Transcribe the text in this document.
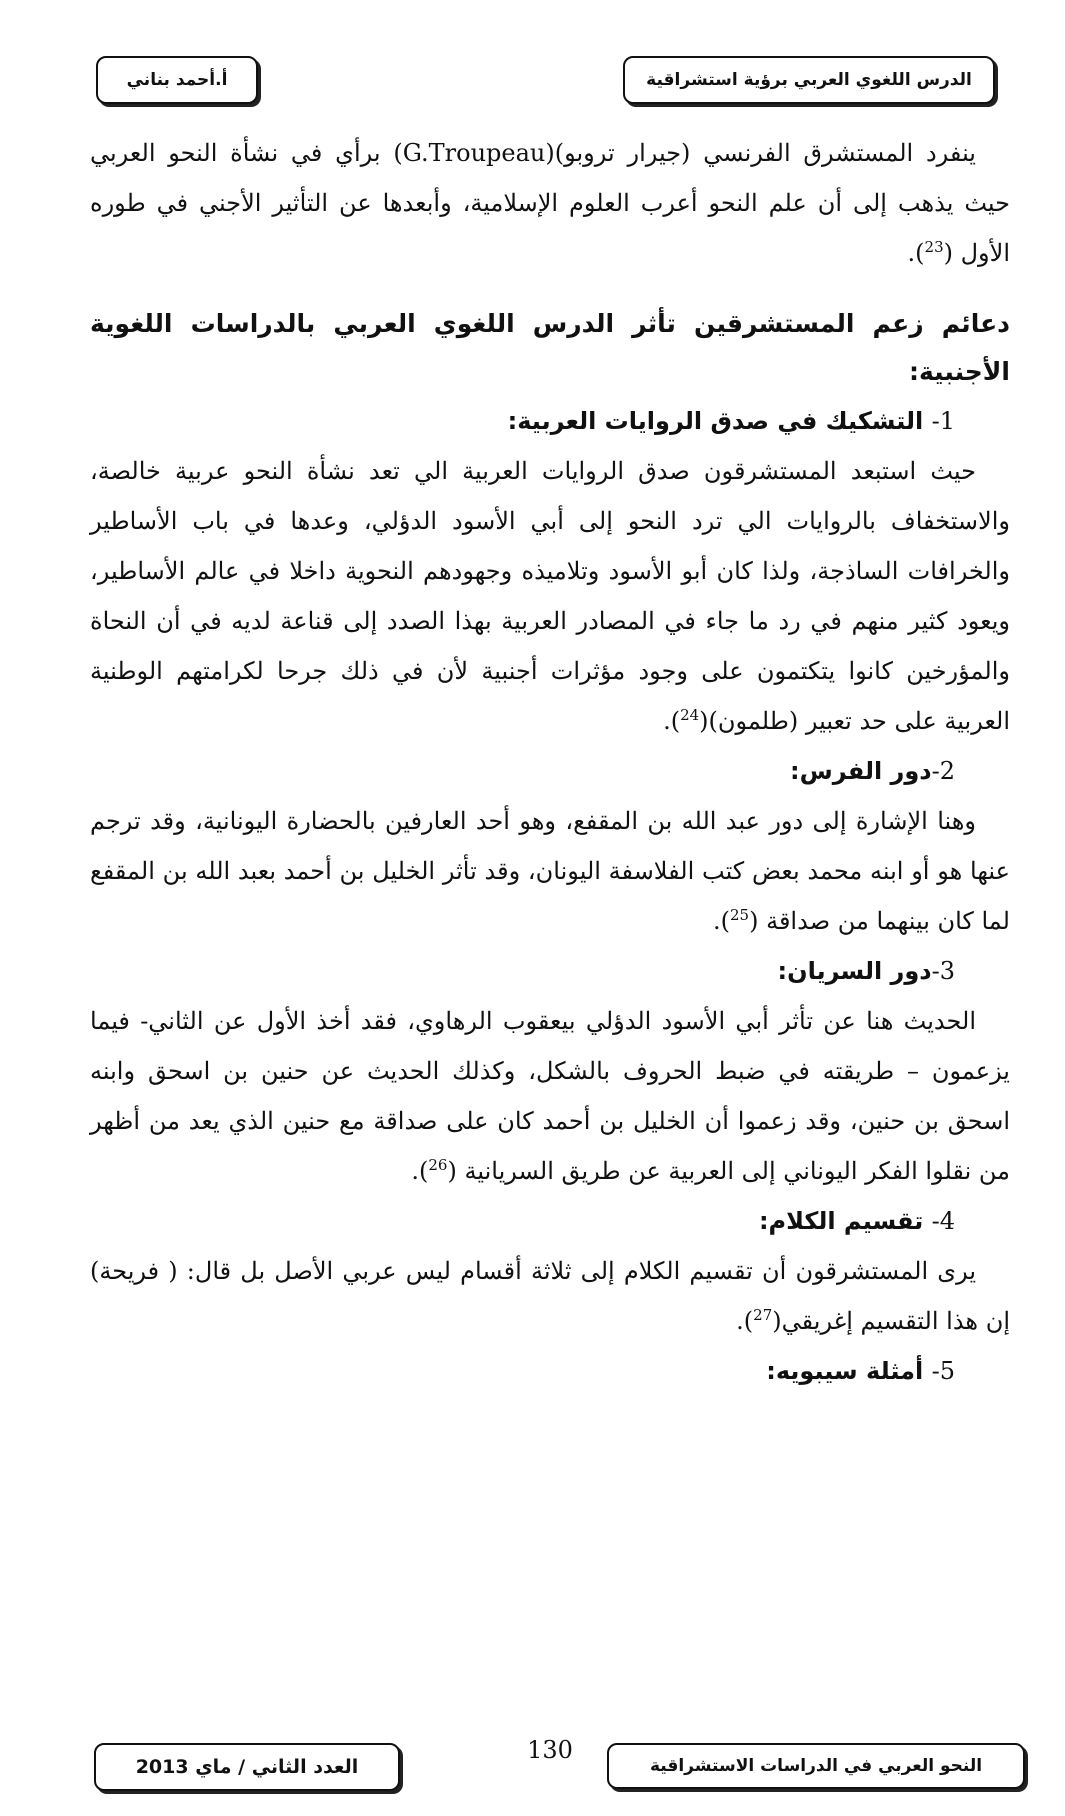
الدرس اللغوي العربي برؤية استشراقية
أ.أحمد بناني

ينفرد المستشرق الفرنسي (جيرار تروبو)(G.Troupeau) برأي في نشأة النحو العربي حيث يذهب إلى أن علم النحو أعرب العلوم الإسلامية، وأبعدها عن التأثير الأجني في طوره الأول ($^{23}$).

دعائم زعم المستشرقين تأثر الدرس اللغوي العربي بالدراسات اللغوية الأجنبية:

1- التشكيك في صدق الروايات العربية:

حيث استبعد المستشرقون صدق الروايات العربية الي تعد نشأة النحو عربية خالصة، والاستخفاف بالروايات الي ترد النحو إلى أبي الأسود الدؤلي، وعدها في باب الأساطير والخرافات الساذجة، ولذا كان أبو الأسود وتلاميذه وجهودهم النحوية داخلا في عالم الأساطير، ويعود كثير منهم في رد ما جاء في المصادر العربية بهذا الصدد إلى قناعة لديه في أن النحاة والمؤرخين كانوا يتكتمون على وجود مؤثرات أجنبية لأن في ذلك جرحا لكرامتهم الوطنية العربية على حد تعبير (طلمون)($^{24}$).

2-دور الفرس:

وهنا الإشارة إلى دور عبد الله بن المقفع، وهو أحد العارفين بالحضارة اليونانية، وقد ترجم عنها هو أو ابنه محمد بعض كتب الفلاسفة اليونان، وقد تأثر الخليل بن أحمد بعبد الله بن المقفع لما كان بينهما من صداقة ($^{25}$).

3-دور السريان:

الحديث هنا عن تأثر أبي الأسود الدؤلي بيعقوب الرهاوي، فقد أخذ الأول عن الثاني- فيما يزعمون – طريقته في ضبط الحروف بالشكل، وكذلك الحديث عن حنين بن اسحق وابنه اسحق بن حنين، وقد زعموا أن الخليل بن أحمد كان على صداقة مع حنين الذي يعد من أظهر من نقلوا الفكر اليوناني إلى العربية عن طريق السريانية ($^{26}$).

4- تقسيم الكلام:

يرى المستشرقون أن تقسيم الكلام إلى ثلاثة أقسام ليس عربي الأصل بل قال: ( فريحة) إن هذا التقسيم إغريقي($^{27}$).

5- أمثلة سيبويه:

النحو العربي في الدراسات الاستشراقية
130
العدد الثاني / ماي 2013
